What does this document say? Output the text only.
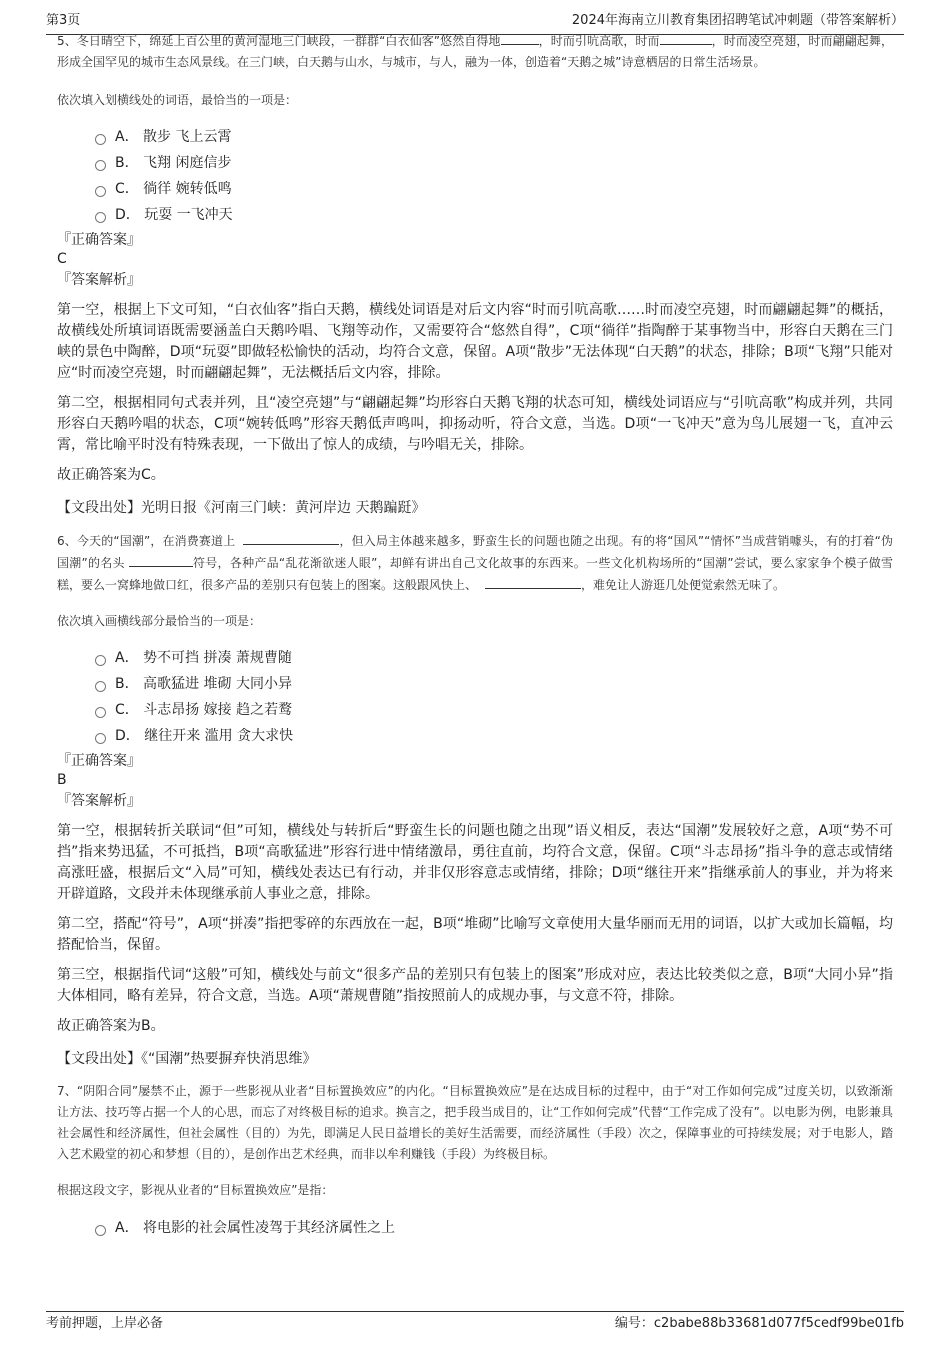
第3页	2024年海南立川教育集团招聘笔试冲刺题（带答案解析）

5、冬日晴空下，绵延上百公里的黄河湿地三门峡段，一群群“白衣仙客”悠然自得地	，时而引吭高歌，时而	，时而凌空亮翅，时而翩翩起舞，形成全国罕见的城市生态风景线。在三门峡，白天鹅与山水，与城市，与人，融为一体，创造着“天鹅之城”诗意栖居的日常生活场景。

依次填入划横线处的词语，最恰当的一项是：

A． 散步 飞上云霄
B． 飞翔 闲庭信步
C． 徜徉 婉转低鸣
D． 玩耍 一飞冲天

『正确答案』

C

『答案解析』

第一空，根据上下文可知，“白衣仙客”指白天鹅，横线处词语是对后文内容“时而引吭高歌……时而凌空亮翅，时而翩翩起舞”的概括，故横线处所填词语既需要涵盖白天鹅吟唱、飞翔等动作，又需要符合“悠然自得”，C项“徜徉”指陶醉于某事物当中，形容白天鹅在三门峡的景色中陶醉，D项“玩耍”即做轻松愉快的活动，均符合文意，保留。A项“散步”无法体现“白天鹅”的状态，排除；B项“飞翔”只能对应“时而凌空亮翅，时而翩翩起舞”，无法概括后文内容，排除。

第二空，根据相同句式表并列，且“凌空亮翅”与“翩翩起舞”均形容白天鹅飞翔的状态可知，横线处词语应与“引吭高歌”构成并列，共同形容白天鹅吟唱的状态，C项“婉转低鸣”形容天鹅低声鸣叫，抑扬动听，符合文意，当选。D项“一飞冲天”意为鸟儿展翅一飞，直冲云霄，常比喻平时没有特殊表现，一下做出了惊人的成绩，与吟唱无关，排除。

故正确答案为C。

【文段出处】光明日报《河南三门峡：黄河岸边 天鹅蹁跹》

6、今天的“国潮”，在消费赛道上	，但入局主体越来越多，野蛮生长的问题也随之出现。有的将“国风”“情怀”当成营销噱头，有的打着“伪国潮”的名头	符号，各种产品“乱花渐欲迷人眼”，却鲜有讲出自己文化故事的东西来。一些文化机构场所的“国潮”尝试，要么家家争个模子做雪糕，要么一窝蜂地做口红，很多产品的差别只有包装上的图案。这般跟风快上、	，难免让人游逛几处便觉索然无味了。

依次填入画横线部分最恰当的一项是：

A． 势不可挡 拼凑 萧规曹随
B． 高歌猛进 堆砌 大同小异
C． 斗志昂扬 嫁接 趋之若鹜
D． 继往开来 滥用 贪大求快

『正确答案』

B

『答案解析』

第一空，根据转折关联词“但”可知，横线处与转折后“野蛮生长的问题也随之出现”语义相反，表达“国潮”发展较好之意，A项“势不可挡”指来势迅猛，不可抵挡，B项“高歌猛进”形容行进中情绪激昂，勇往直前，均符合文意，保留。C项“斗志昂扬”指斗争的意志或情绪高涨旺盛，根据后文“入局”可知，横线处表达已有行动，并非仅形容意志或情绪，排除；D项“继往开来”指继承前人的事业，并为将来开辟道路，文段并未体现继承前人事业之意，排除。

第二空，搭配“符号”，A项“拼凑”指把零碎的东西放在一起，B项“堆砌”比喻写文章使用大量华丽而无用的词语，以扩大或加长篇幅，均搭配恰当，保留。

第三空，根据指代词“这般”可知，横线处与前文“很多产品的差别只有包装上的图案”形成对应，表达比较类似之意，B项“大同小异”指大体相同，略有差异，符合文意，当选。A项“萧规曹随”指按照前人的成规办事，与文意不符，排除。

故正确答案为B。

【文段出处】《“国潮”热要摒弃快消思维》

7、“阴阳合同”屡禁不止，源于一些影视从业者“目标置换效应”的内化。“目标置换效应”是在达成目标的过程中，由于“对工作如何完成”过度关切，以致渐渐让方法、技巧等占据一个人的心思，而忘了对终极目标的追求。换言之，把手段当成目的，让“工作如何完成”代替“工作完成了没有”。以电影为例，电影兼具社会属性和经济属性，但社会属性（目的）为先，即满足人民日益增长的美好生活需要，而经济属性（手段）次之，保障事业的可持续发展；对于电影人，踏入艺术殿堂的初心和梦想（目的），是创作出艺术经典，而非以牟利赚钱（手段）为终极目标。

根据这段文字，影视从业者的“目标置换效应”是指：

A． 将电影的社会属性凌驾于其经济属性之上
考前押题，上岸必备	编号：c2babe88b33681d077f5cedf99be01fb
